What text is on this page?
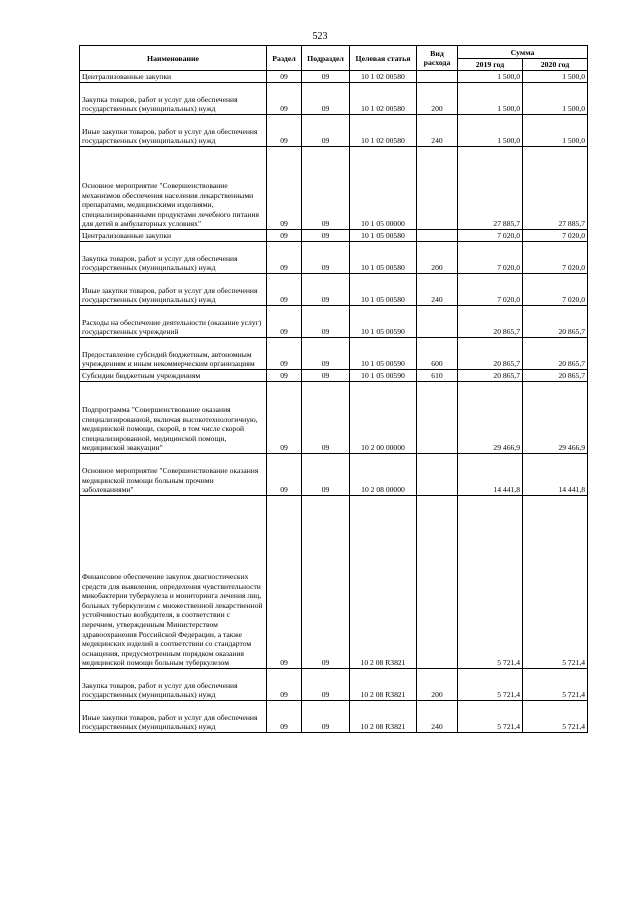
523
Наименование	Раздел	Подраздел	Целевая статья	Вид расхода	Сумма	
					2019 год	2020 год
Централизованные закупки	09	09	10 1 02 00580		1 500,0	1 500,0
Закупка товаров, работ и услуг для обеспечения государственных (муниципальных) нужд	09	09	10 1 02 00580	200	1 500,0	1 500,0
Иные закупки товаров, работ и услуг для обеспечения государственных (муниципальных) нужд	09	09	10 1 02 00580	240	1 500,0	1 500,0
Основное мероприятие "Совершенствование механизмов обеспечения населения лекарственными препаратами, медицинскими изделиями, специализированными продуктами лечебного питания для детей в амбулаторных условиях"	09	09	10 1 05 00000		27 885,7	27 885,7
Централизованные закупки	09	09	10 1 05 00580		7 020,0	7 020,0
Закупка товаров, работ и услуг для обеспечения государственных (муниципальных) нужд	09	09	10 1 05 00580	200	7 020,0	7 020,0
Иные закупки товаров, работ и услуг для обеспечения государственных (муниципальных) нужд	09	09	10 1 05 00580	240	7 020,0	7 020,0
Расходы на обеспечение деятельности (оказание услуг) государственных учреждений	09	09	10 1 05 00590		20 865,7	20 865,7
Предоставление субсидий бюджетным, автономным учреждениям и иным некоммерческим организациям	09	09	10 1 05 00590	600	20 865,7	20 865,7
Субсидии бюджетным учреждениям	09	09	10 1 05 00590	610	20 865,7	20 865,7
Подпрограмма "Совершенствование оказания специализированной, включая высокотехнологичную, медицинской помощи, скорой, в том числе скорой специализированной, медицинской помощи, медицинской эвакуации"	09	09	10 2 00 00000		29 466,9	29 466,9
Основное мероприятие "Совершенствование оказания медицинской помощи больным прочими заболеваниями"	09	09	10 2 08 00000		14 441,8	14 441,8
Финансовое обеспечение закупок диагностических средств для выявления, определения чувствительности микобактерии туберкулеза и мониторинга лечения лиц, больных туберкулезом с множественной лекарственной устойчивостью возбудителя, в соответствии с перечнем, утвержденным Министерством здравоохранения Российской Федерации, а также медицинских изделий в соответствии со стандартом оснащения, предусмотренным порядком оказания медицинской помощи больным туберкулезом	09	09	10 2 08 R3821		5 721,4	5 721,4
Закупка товаров, работ и услуг для обеспечения государственных (муниципальных) нужд	09	09	10 2 08 R3821	200	5 721,4	5 721,4
Иные закупки товаров, работ и услуг для обеспечения государственных (муниципальных) нужд	09	09	10 2 08 R3821	240	5 721,4	5 721,4
